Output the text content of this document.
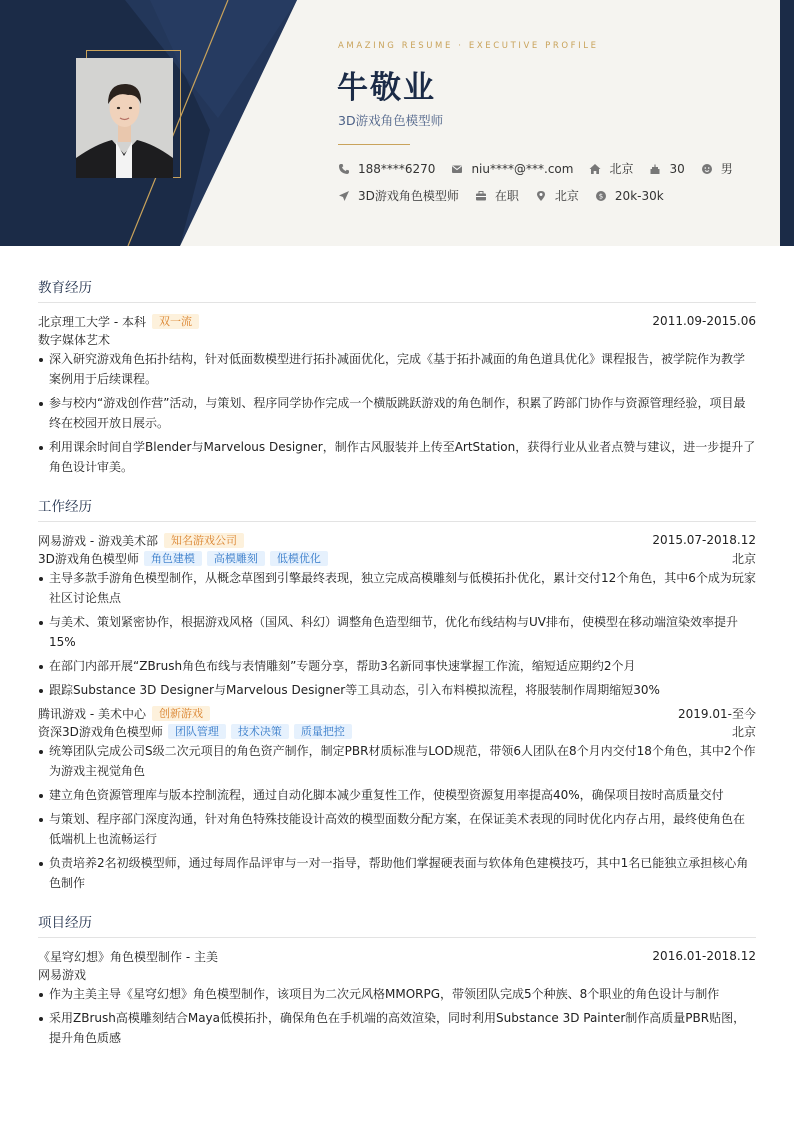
AMAZING RESUME · EXECUTIVE PROFILE
牛敬业
3D游戏角色模型师
188****6270	niu****@***.com	北京	30	男
3D游戏角色模型师	在职	北京	$ 20k-30k
教育经历
北京理工大学 - 本科	双一流	2011.09-2015.06
数字媒体艺术
深入研究游戏角色拓扑结构，针对低面数模型进行拓扑减面优化，完成《基于拓扑减面的角色道具优化》课程报告，被学院作为教学案例用于后续课程。
参与校内“游戏创作营”活动，与策划、程序同学协作完成一个横版跳跃游戏的角色制作，积累了跨部门协作与资源管理经验，项目最终在校园开放日展示。
利用课余时间自学Blender与Marvelous Designer，制作古风服装并上传至ArtStation，获得行业从业者点赞与建议，进一步提升了角色设计审美。
工作经历
网易游戏 - 游戏美术部	知名游戏公司	2015.07-2018.12
3D游戏角色模型师	角色建模	高模雕刻	低模优化	北京
主导多款手游角色模型制作，从概念草图到引擎最终表现，独立完成高模雕刻与低模拓扑优化，累计交付12个角色，其中6个成为玩家社区讨论焦点
与美术、策划紧密协作，根据游戏风格（国风、科幻）调整角色造型细节，优化布线结构与UV排布，使模型在移动端渲染效率提升15%
在部门内部开展“ZBrush角色布线与表情雕刻”专题分享，帮助3名新同事快速掌握工作流，缩短适应期约2个月
跟踪Substance 3D Designer与Marvelous Designer等工具动态，引入布料模拟流程，将服装制作周期缩短30%
腾讯游戏 - 美术中心	创新游戏	2019.01-至今
资深3D游戏角色模型师	团队管理	技术决策	质量把控	北京
统筹团队完成公司S级二次元项目的角色资产制作，制定PBR材质标准与LOD规范，带领6人团队在8个月内交付18个角色，其中2个作为游戏主视觉角色
建立角色资源管理库与版本控制流程，通过自动化脚本减少重复性工作，使模型资源复用率提高40%，确保项目按时高质量交付
与策划、程序部门深度沟通，针对角色特殊技能设计高效的模型面数分配方案，在保证美术表现的同时优化内存占用，最终使角色在低端机上也流畅运行
负责培养2名初级模型师，通过每周作品评审与一对一指导，帮助他们掌握硬表面与软体角色建模技巧，其中1名已能独立承担核心角色制作
项目经历
《星穹幻想》角色模型制作 - 主美	2016.01-2018.12
网易游戏
作为主美主导《星穹幻想》角色模型制作，该项目为二次元风格MMORPG，带领团队完成5个种族、8个职业的角色设计与制作
采用ZBrush高模雕刻结合Maya低模拓扑，确保角色在手机端的高效渲染，同时利用Substance 3D Painter制作高质量PBR贴图，提升角色质感
